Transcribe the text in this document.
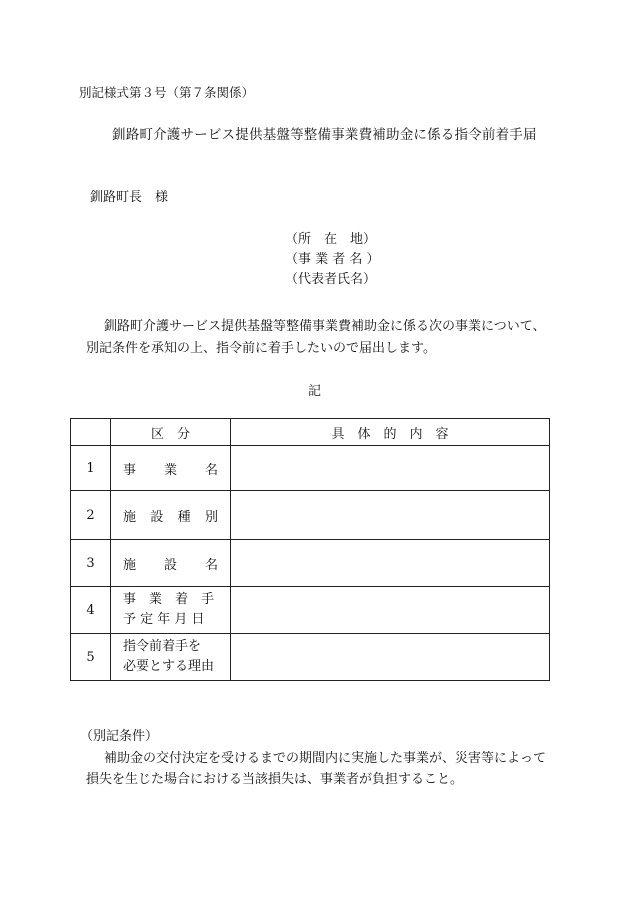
別記様式第３号（第７条関係）
釧路町介護サービス提供基盤等整備事業費補助金に係る指令前着手届
釧路町長　様
（所　在　地）
（事 業 者 名 ）
（代表者氏名）
釧路町介護サービス提供基盤等整備事業費補助金に係る次の事業について、
別記条件を承知の上、指令前に着手したいので届出します。
記
	区　分	具　体　的　内　容
1	事 業 名	

2	施 設 種 別	

3	施 設 名	

4	事　業　着　手
予 定 年 月 日	

5	指令前着手を
必要とする理由	

（別記条件）
補助金の交付決定を受けるまでの期間内に実施した事業が、災害等によって
損失を生じた場合における当該損失は、事業者が負担すること。
